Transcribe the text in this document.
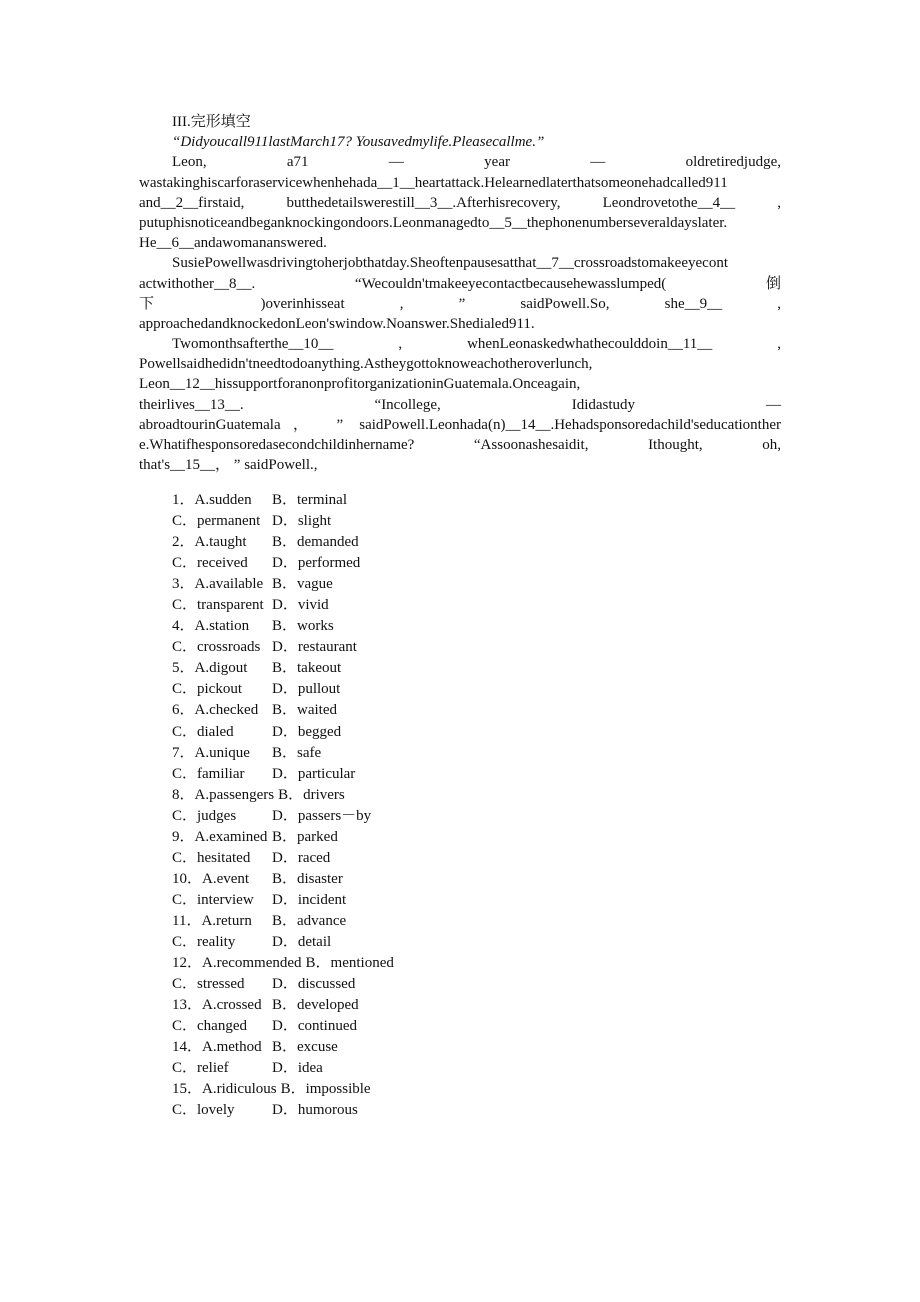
III.完形填空
“Didyoucall911lastMarch17? Yousavedmylife.Pleasecallme.”
Leon, a71 — year — oldretiredjudge,
wastakinghiscarforaservicewhenhehada__1__heartattack.Helearnedlaterthatsomeonehadcalled911
and__2__firstaid, butthedetailswerestill__3__.Afterhisrecovery, Leondrovetothe__4__ ,
putuphisnoticeandbeganknockingondoors.Leonmanagedto__5__thephonenumberseveraldayslater.
He__6__andawomananswered.
SusiePowellwasdrivingtoherjobthatday.Sheoftenpausesatthat__7__crossroadstomakeeyecont
actwithother__8__. “Wecouldn'tmakeeyecontactbecausehewasslumped( 倒
下 )overinhisseat , ” saidPowell.So, she__9__ ,
approachedandknockedonLeon'swindow.Noanswer.Shedialed911.
Twomonthsafterthe__10__ , whenLeonaskedwhathecoulddoin__11__ ,
Powellsaidhedidn'tneedtodoanything.Astheygottoknoweachotheroverlunch,
Leon__12__hissupportforanonprofitorganizationinGuatemala.Onceagain,
theirlives__13__. “Incollege, Ididastudy —
abroadtourinGuatemala， ” saidPowell.Leonhada(n)__14__.Hehadsponsoredachild'seducationther
e.Whatifhesponsoredasecondchildinhername? “Assoonashesaidit, Ithought, oh,
that's__15__， ” saidPowell.,
1．A.sudden B．terminal
C．permanent D．slight
2．A.taught B．demanded
C．received D．performed
3．A.available B．vague
C．transparent D．vivid
4．A.station B．works
C．crossroads D．restaurant
5．A.digout B．takeout
C．pickout D．pullout
6．A.checked B．waited
C．dialed	D．begged
7．A.unique B．safe
C．familiar D．particular
8．A.passengers B．drivers
C．judges D．passers－by
9．A.examined B．parked
C．hesitated D．raced
10．A.event B．disaster
C．interview D．incident
11．A.return B．advance
C．reality D．detail
12．A.recommended B．mentioned
C．stressed D．discussed
13．A.crossed B．developed
C．changed D．continued
14．A.method B．excuse
C．relief	D．idea
15．A.ridiculous B．impossible
C．lovely	D．humorous
